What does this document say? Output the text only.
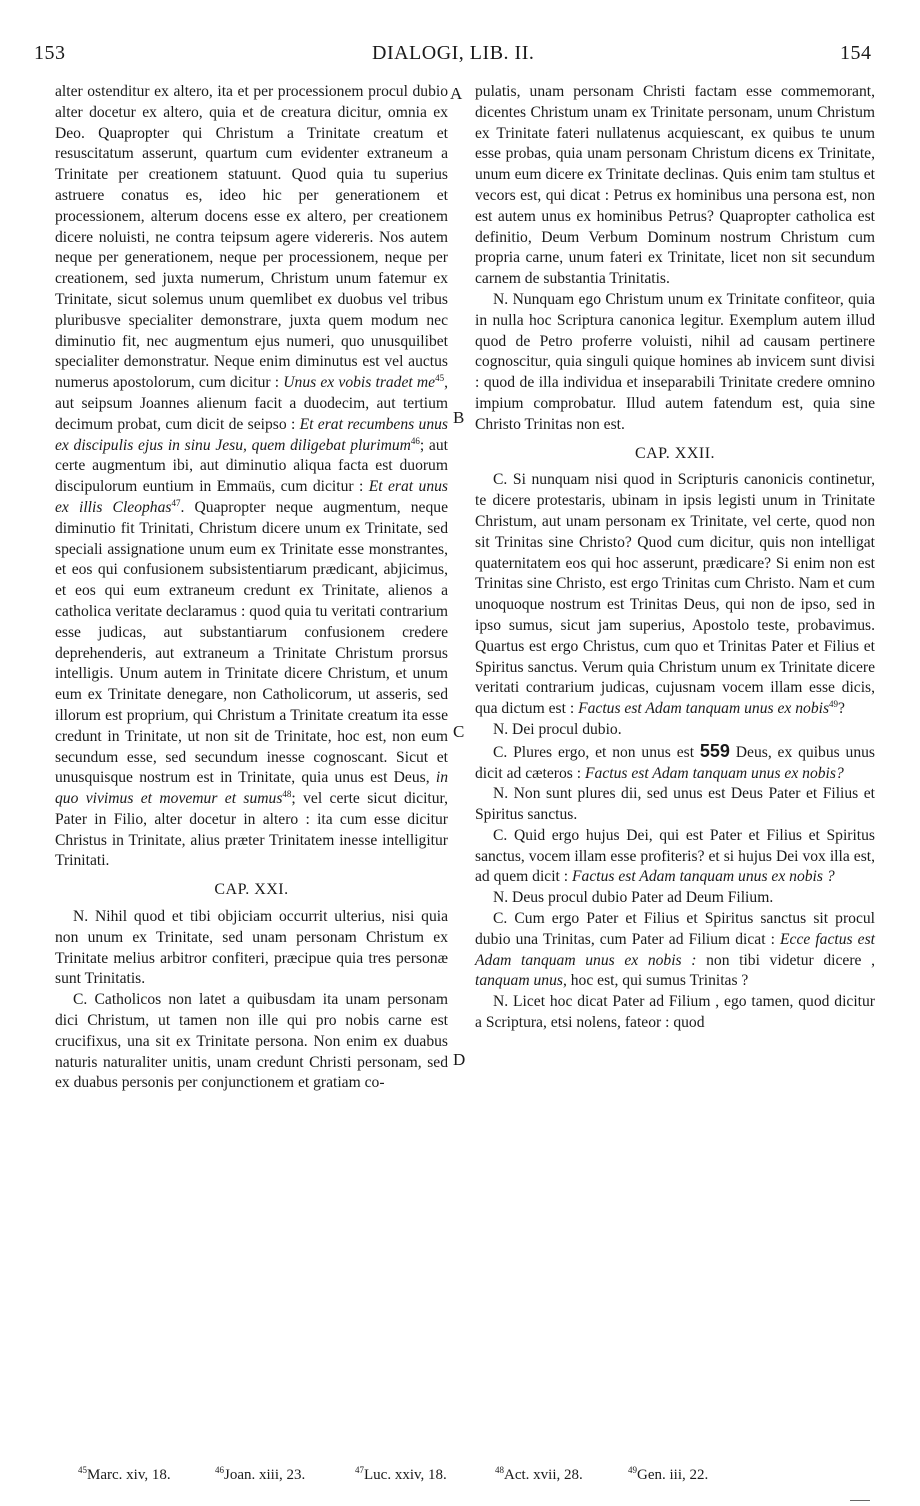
153	DIALOGI, LIB. II.	154
A
B
C
D

alter ostenditur ex altero, ita et per processionem procul dubio alter docetur ex altero, quia et de creatura dicitur, omnia ex Deo. Quapropter qui Christum a Trinitate creatum et resuscitatum asserunt, quartum cum evidenter extraneum a Trinitate per creationem statuunt. Quod quia tu superius astruere conatus es, ideo hic per generationem et processionem, alterum docens esse ex altero, per creationem dicere noluisti, ne contra teipsum agere videreris. Nos autem neque per generationem, neque per processionem, neque per creationem, sed juxta numerum, Christum unum fatemur ex Trinitate, sicut solemus unum quemlibet ex duobus vel tribus pluribusve specialiter demonstrare, juxta quem modum nec diminutio fit, nec augmentum ejus numeri, quo unusquilibet specialiter demonstratur. Neque enim diminutus est vel auctus numerus apostolorum, cum dicitur : Unus ex vobis tradet $me^{45}$, aut seipsum Joannes alienum facit a duodecim, aut tertium decimum probat, cum dicit de seipso : Et erat recumbens unus ex discipulis ejus in sinu Jesu, quem diligebat plurimum$^{46}$; aut certe augmentum ibi, aut diminutio aliqua facta est duorum discipulorum euntium in Emmaüs, cum dicitur : Et erat unus ex illis Cleophas$^{47}$. Quapropter neque augmentum, neque diminutio fit Trinitati, Christum dicere unum ex Trinitate, sed speciali assignatione unum eum ex Trinitate esse monstrantes, et eos qui confusionem subsistentiarum prædicant, abjicimus, et eos qui eum extraneum credunt ex Trinitate, alienos a catholica veritate declaramus : quod quia tu veritati contrarium esse judicas, aut substantiarum confusionem credere deprehenderis, aut extraneum a Trinitate Christum prorsus intelligis. Unum autem in Trinitate dicere Christum, et unum eum ex Trinitate denegare, non Catholicorum, ut asseris, sed illorum est proprium, qui Christum a Trinitate creatum ita esse credunt in Trinitate, ut non sit de Trinitate, hoc est, non eum secundum esse, sed secundum inesse cognoscant. Sicut et unusquisque nostrum est in Trinitate, quia unus est Deus, in quo vivimus et movemur et sumus$^{48}$; vel certe sicut dicitur, Pater in Filio, alter docetur in altero : ita cum esse dicitur Christus in Trinitate, alius præter Trinitatem inesse intelligitur Trinitati.

CAP. XXI.

N. Nihil quod et tibi objiciam occurrit ulterius, nisi quia non unum ex Trinitate, sed unam personam Christum ex Trinitate melius arbitror confiteri, præcipue quia tres personæ sunt Trinitatis.

C. Catholicos non latet a quibusdam ita unam personam dici Christum, ut tamen non ille qui pro nobis carne est crucifixus, una sit ex Trinitate persona. Non enim ex duabus naturis naturaliter unitis, unam credunt Christi personam, sed ex duabus personis per conjunctionem et gratiam co-

pulatis, unam personam Christi factam esse commemorant, dicentes Christum unam ex Trinitate personam, unum Christum ex Trinitate fateri nullatenus acquiescant, ex quibus te unum esse probas, quia unam personam Christum dicens ex Trinitate, unum eum dicere ex Trinitate declinas. Quis enim tam stultus et vecors est, qui dicat : Petrus ex hominibus una persona est, non est autem unus ex hominibus Petrus? Quapropter catholica est definitio, Deum Verbum Dominum nostrum Christum cum propria carne, unum fateri ex Trinitate, licet non sit secundum carnem de substantia Trinitatis.

N. Nunquam ego Christum unum ex Trinitate confiteor, quia in nulla hoc Scriptura canonica legitur. Exemplum autem illud quod de Petro proferre voluisti, nihil ad causam pertinere cognoscitur, quia singuli quique homines ab invicem sunt divisi : quod de illa individua et inseparabili Trinitate credere omnino impium comprobatur. Illud autem fatendum est, quia sine Christo Trinitas non est.

CAP. XXII.

C. Si nunquam nisi quod in Scripturis canonicis continetur, te dicere protestaris, ubinam in ipsis legisti unum in Trinitate Christum, aut unam personam ex Trinitate, vel certe, quod non sit Trinitas sine Christo? Quod cum dicitur, quis non intelligat quaternitatem eos qui hoc asserunt, prædicare? Si enim non est Trinitas sine Christo, est ergo Trinitas cum Christo. Nam et cum unoquoque nostrum est Trinitas Deus, qui non de ipso, sed in ipso sumus, sicut jam superius, Apostolo teste, probavimus. Quartus est ergo Christus, cum quo et Trinitas Pater et Filius et Spiritus sanctus. Verum quia Christum unum ex Trinitate dicere veritati contrarium judicas, cujusnam vocem illam esse dicis, qua dictum est : Factus est Adam tanquam unus ex nobis$^{49}$?

N. Dei procul dubio.

C. Plures ergo, et non unus est 559 Deus, ex quibus unus dicit ad cæteros : Factus est Adam tanquam unus ex nobis?

N. Non sunt plures dii, sed unus est Deus Pater et Filius et Spiritus sanctus.

C. Quid ergo hujus Dei, qui est Pater et Filius et Spiritus sanctus, vocem illam esse profiteris? et si hujus Dei vox illa est, ad quem dicit : Factus est Adam tanquam unus ex nobis ?

N. Deus procul dubio Pater ad Deum Filium.

C. Cum ergo Pater et Filius et Spiritus sanctus sit procul dubio una Trinitas, cum Pater ad Filium dicat : Ecce factus est Adam tanquam unus ex nobis : non tibi videtur dicere , tanquam unus, hoc est, qui sumus Trinitas ?

N. Licet hoc dicat Pater ad Filium , ego tamen, quod dicitur a Scriptura, etsi nolens, fateor : quod

$^{45}$Marc. xiv, 18.	$^{46}$Joan. xiii, 23.	$^{47}$Luc. xxiv, 18.	$^{48}$Act. xvii, 28.	$^{49}$Gen. iii, 22.
